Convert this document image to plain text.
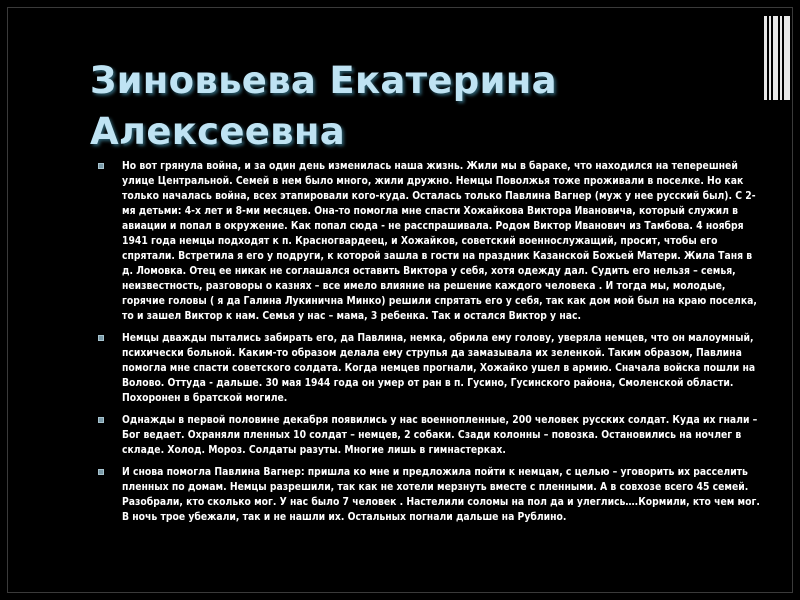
Зиновьева Екатерина
Алексеевна
Но вот грянула война, и за один день изменилась наша жизнь. Жили мы в бараке, что находился на теперешней улице Центральной. Семей в нем было много, жили дружно. Немцы Поволжья тоже проживали в поселке. Но как только началась война, всех этапировали кого-куда. Осталась только Павлина Вагнер (муж у нее русский был). С 2-мя детьми: 4-х лет и 8-ми месяцев. Она-то помогла мне спасти Хожайкова Виктора Ивановича, который служил в авиации и попал в окружение. Как попал сюда - не расспрашивала. Родом Виктор Иванович из Тамбова. 4 ноября 1941 года немцы подходят к п. Красногвардеец, и Хожайков, советский военнослужащий, просит, чтобы его спрятали. Встретила я его у подруги, к которой зашла в гости на праздник Казанской Божьей Матери. Жила Таня в д. Ломовка. Отец ее никак не соглашался оставить Виктора у себя, хотя одежду дал. Судить его нельзя – семья, неизвестность, разговоры о казнях – все имело влияние на решение каждого человека . И тогда мы, молодые, горячие головы ( я да Галина Лукинична Минко) решили спрятать его у себя, так как дом мой был на краю поселка, то и зашел Виктор к нам. Семья у нас – мама, 3 ребенка. Так и остался Виктор у нас.
Немцы дважды пытались забирать его, да Павлина, немка, обрила ему голову, уверяла немцев, что он малоумный, психически больной. Каким-то образом делала ему струпья да замазывала их зеленкой. Таким образом, Павлина помогла мне спасти советского солдата. Когда немцев прогнали, Хожайко ушел в армию. Сначала войска пошли на Волово. Оттуда - дальше. 30 мая 1944 года он умер от ран в п. Гусино, Гусинского района, Смоленской области. Похоронен в братской могиле.
Однажды в первой половине декабря появились у нас военнопленные, 200 человек русских солдат. Куда их гнали – Бог ведает. Охраняли пленных 10 солдат – немцев, 2 собаки. Сзади колонны – повозка. Остановились на ночлег в складе. Холод. Мороз. Солдаты разуты. Многие лишь в гимнастерках.
И снова помогла Павлина Вагнер: пришла ко мне и предложила пойти к немцам, с целью – уговорить их расселить пленных по домам. Немцы разрешили, так как не хотели мерзнуть вместе с пленными. А в совхозе всего 45 семей. Разобрали, кто сколько мог. У нас было 7 человек . Настелили соломы на пол да и улеглись….Кормили, кто чем мог. В ночь трое убежали, так и не нашли их. Остальных погнали дальше на Рублино.
